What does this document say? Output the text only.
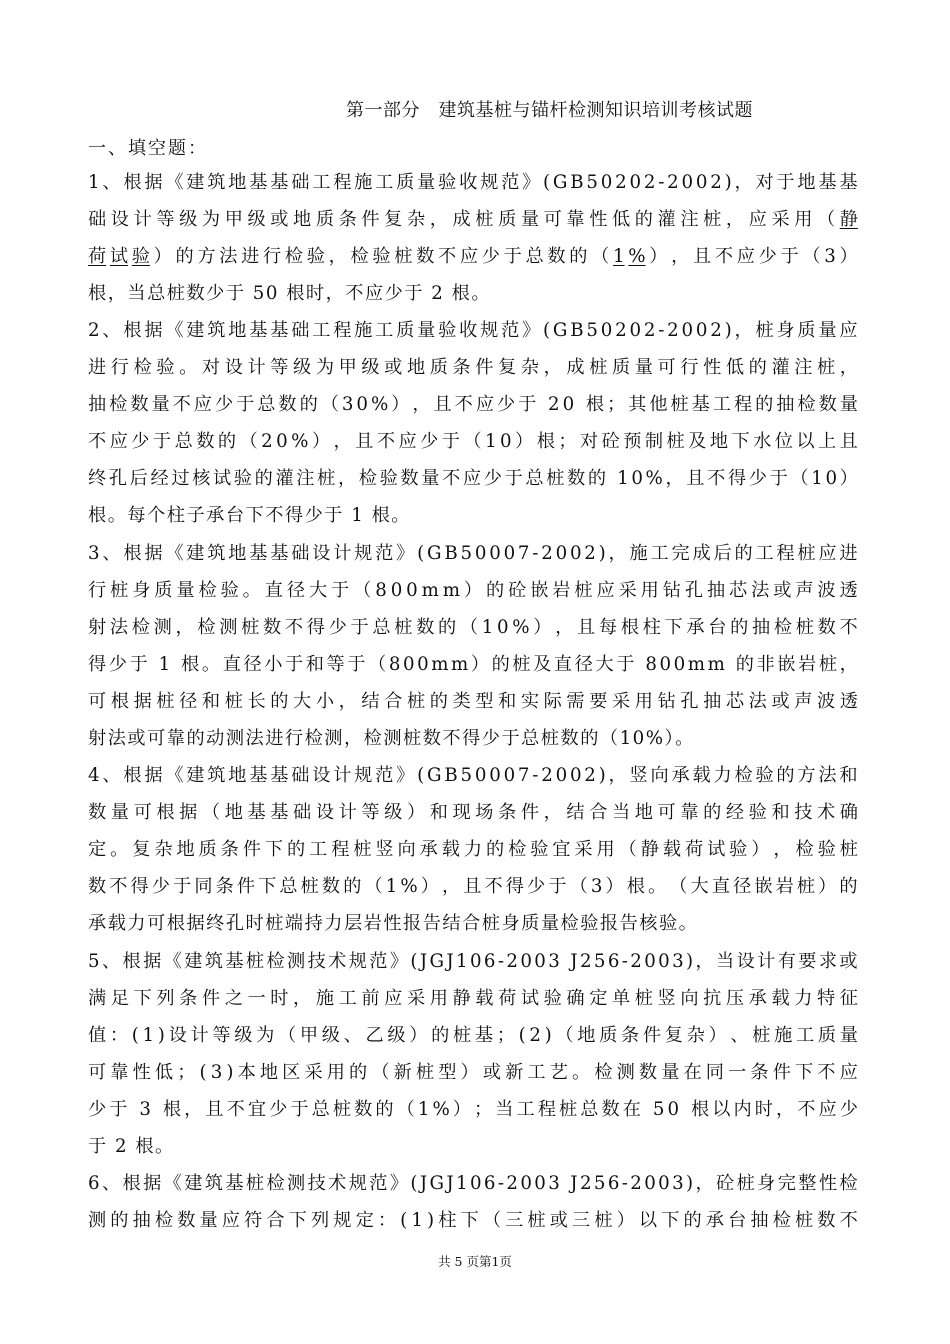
第一部分　建筑基桩与锚杆检测知识培训考核试题
一、填空题：
1 、 根 据 《 建 筑 地 基 基 础 工 程 施 工 质 量 验 收 规 范 》 ( G B 5 0 2 0 2 - 2 0 0 2 ) ， 对 于 地 基 基
础 设 计 等 级 为 甲 级 或 地 质 条 件 复 杂 ， 成 桩 质 量 可 靠 性 低 的 灌 注 桩 ， 应 采 用 （ 静
荷 试 验 ） 的 方 法 进 行 检 验 ， 检 验 桩 数 不 应 少 于 总 数 的 （ 1 % ） ， 且 不 应 少 于 （ 3 ）
根，当总桩数少于 50 根时，不应少于 2 根。
2 、 根 据 《 建 筑 地 基 基 础 工 程 施 工 质 量 验 收 规 范 》 ( G B 5 0 2 0 2 - 2 0 0 2 ) ， 桩 身 质 量 应
进 行 检 验 。 对 设 计 等 级 为 甲 级 或 地 质 条 件 复 杂 ， 成 桩 质 量 可 行 性 低 的 灌 注 桩 ，
抽 检 数 量 不 应 少 于 总 数 的 （ 3 0 % ） ， 且 不 应 少 于
2 0
根 ； 其 他 桩 基 工 程 的 抽 检 数 量
不 应 少 于 总 数 的 （ 2 0 % ） ， 且 不 应 少 于 （ 1 0 ） 根 ； 对 砼 预 制 桩 及 地 下 水 位 以 上 且
终 孔 后 经 过 核 试 验 的 灌 注 桩 ， 检 验 数 量 不 应 少 于 总 桩 数 的
1 0 % ， 且 不 得 少 于 （ 1 0 ）
根。每个柱子承台下不得少于 1 根。
3 、 根 据 《 建 筑 地 基 基 础 设 计 规 范 》 ( G B 5 0 0 0 7 - 2 0 0 2 ) ， 施 工 完 成 后 的 工 程 桩 应 进
行 桩 身 质 量 检 验 。 直 径 大 于 （ 8 0 0 m m ） 的 砼 嵌 岩 桩 应 采 用 钻 孔 抽 芯 法 或 声 波 透
射 法 检 测 ， 检 测 桩 数 不 得 少 于 总 桩 数 的 （ 1 0 % ） ， 且 每 根 柱 下 承 台 的 抽 检 桩 数 不
得 少 于
1
根 。 直 径 小 于 和 等 于 （ 8 0 0 m m ） 的 桩 及 直 径 大 于
8 0 0 m m
的 非 嵌 岩 桩 ，
可 根 据 桩 径 和 桩 长 的 大 小 ， 结 合 桩 的 类 型 和 实 际 需 要 采 用 钻 孔 抽 芯 法 或 声 波 透
射法或可靠的动测法进行检测，检测桩数不得少于总桩数的（10%）。
4 、 根 据 《 建 筑 地 基 基 础 设 计 规 范 》 ( G B 5 0 0 0 7 - 2 0 0 2 ) ， 竖 向 承 载 力 检 验 的 方 法 和
数 量 可 根 据 （ 地 基 基 础 设 计 等 级 ） 和 现 场 条 件 ， 结 合 当 地 可 靠 的 经 验 和 技 术 确
定 。 复 杂 地 质 条 件 下 的 工 程 桩 竖 向 承 载 力 的 检 验 宜 采 用 （ 静 载 荷 试 验 ） ， 检 验 桩
数 不 得 少 于 同 条 件 下 总 桩 数 的 （ 1 % ） ， 且 不 得 少 于 （ 3 ） 根 。 （ 大 直 径 嵌 岩 桩 ） 的
承载力可根据终孔时桩端持力层岩性报告结合桩身质量检验报告核验。
5 、 根 据 《 建 筑 基 桩 检 测 技 术 规 范 》 ( J G J 1 0 6 - 2 0 0 3
J 2 5 6 - 2 0 0 3 ) ， 当 设 计 有 要 求 或
满 足 下 列 条 件 之 一 时 ， 施 工 前 应 采 用 静 载 荷 试 验 确 定 单 桩 竖 向 抗 压 承 载 力 特 征
值 ： ( 1 ) 设 计 等 级 为 （ 甲 级 、 乙 级 ） 的 桩 基 ； ( 2 ) （ 地 质 条 件 复 杂 ） 、 桩 施 工 质 量
可 靠 性 低 ； ( 3 ) 本 地 区 采 用 的 （ 新 桩 型 ） 或 新 工 艺 。 检 测 数 量 在 同 一 条 件 下 不 应
少 于
3
根 ， 且 不 宜 少 于 总 桩 数 的 （ 1 % ） ； 当 工 程 桩 总 数 在
5 0
根 以 内 时 ， 不 应 少
于 2 根。
6 、 根 据 《 建 筑 基 桩 检 测 技 术 规 范 》 ( J G J 1 0 6 - 2 0 0 3
J 2 5 6 - 2 0 0 3 ) ， 砼 桩 身 完 整 性 检
测 的 抽 检 数 量 应 符 合 下 列 规 定 ： ( 1 ) 柱 下 （ 三 桩 或 三 桩 ） 以 下 的 承 台 抽 检 桩 数 不
共 5 页第1页
